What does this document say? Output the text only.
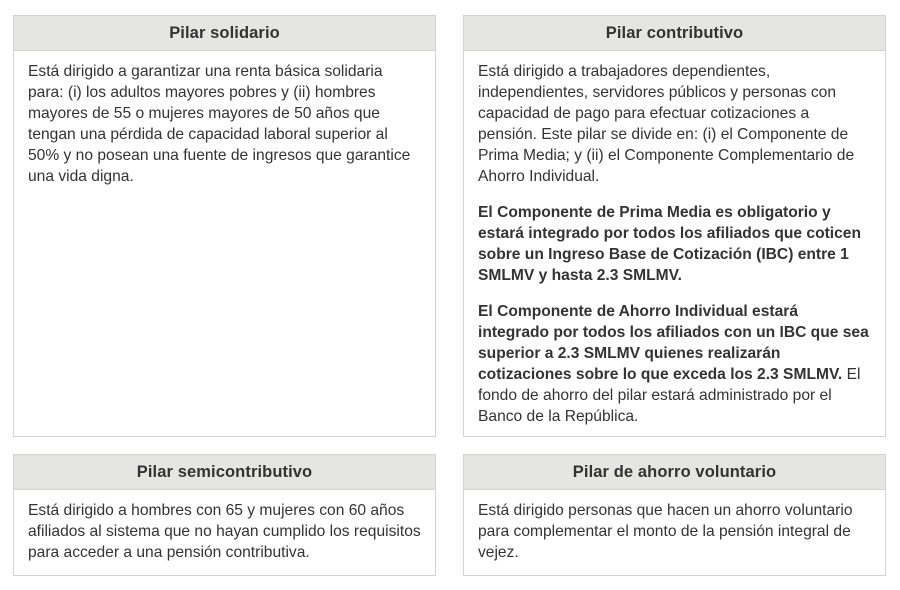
Pilar solidario

Está dirigido a garantizar una renta básica solidaria para: (i) los adultos mayores pobres y (ii) hombres mayores de 55 o mujeres mayores de 50 años que tengan una pérdida de capacidad laboral superior al 50% y no posean una fuente de ingresos que garantice una vida digna.

Pilar contributivo

Está dirigido a trabajadores dependientes, independientes, servidores públicos y personas con capacidad de pago para efectuar cotizaciones a pensión. Este pilar se divide en: (i) el Componente de Prima Media; y (ii) el Componente Complementario de Ahorro Individual.

El Componente de Prima Media es obligatorio y estará integrado por todos los afiliados que coticen sobre un Ingreso Base de Cotización (IBC) entre 1 SMLMV y hasta 2.3 SMLMV.

El Componente de Ahorro Individual estará integrado por todos los afiliados con un IBC que sea superior a 2.3 SMLMV quienes realizarán cotizaciones sobre lo que exceda los 2.3 SMLMV. El fondo de ahorro del pilar estará administrado por el Banco de la República.

Pilar semicontributivo

Está dirigido a hombres con 65 y mujeres con 60 años afiliados al sistema que no hayan cumplido los requisitos para acceder a una pensión contributiva.

Pilar de ahorro voluntario

Está dirigido personas que hacen un ahorro voluntario para complementar el monto de la pensión integral de vejez.
